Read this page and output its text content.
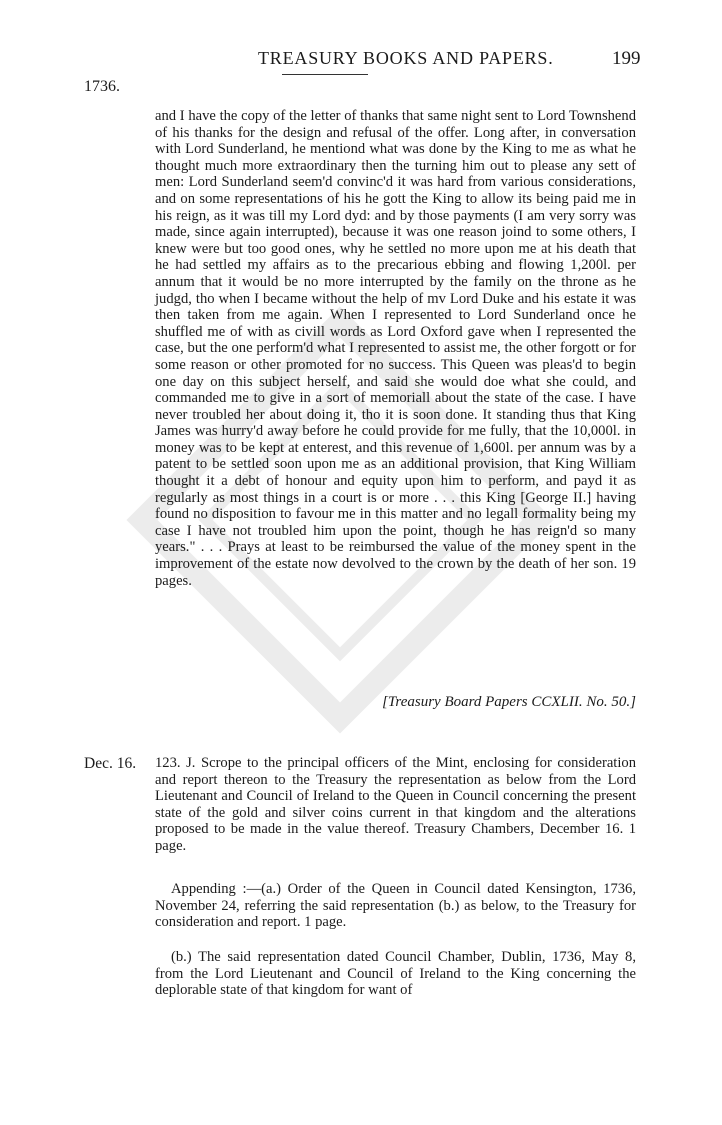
TREASURY BOOKS AND PAPERS.	199
1736.

and I have the copy of the letter of thanks that same night sent to Lord Townshend of his thanks for the design and refusal of the offer. Long after, in conversation with Lord Sunderland, he mentiond what was done by the King to me as what he thought much more extraordinary then the turning him out to please any sett of men: Lord Sunderland seem'd convinc'd it was hard from various considerations, and on some representations of his he gott the King to allow its being paid me in his reign, as it was till my Lord dyd: and by those payments (I am very sorry was made, since again interrupted), because it was one reason joind to some others, I knew were but too good ones, why he settled no more upon me at his death that he had settled my affairs as to the precarious ebbing and flowing 1,200l. per annum that it would be no more interrupted by the family on the throne as he judgd, tho when I became without the help of mv Lord Duke and his estate it was then taken from me again. When I represented to Lord Sunderland once he shuffled me of with as civill words as Lord Oxford gave when I represented the case, but the one perform'd what I represented to assist me, the other forgott or for some reason or other promoted for no success. This Queen was pleas'd to begin one day on this subject herself, and said she would doe what she could, and commanded me to give in a sort of memoriall about the state of the case. I have never troubled her about doing it, tho it is soon done. It standing thus that King James was hurry'd away before he could provide for me fully, that the 10,000l. in money was to be kept at enterest, and this revenue of 1,600l. per annum was by a patent to be settled soon upon me as an additional provision, that King William thought it a debt of honour and equity upon him to perform, and payd it as regularly as most things in a court is or more . . . this King [George II.] having found no disposition to favour me in this matter and no legall formality being my case I have not troubled him upon the point, though he has reign'd so many years." . . . Prays at least to be reimbursed the value of the money spent in the improvement of the estate now devolved to the crown by the death of her son. 19 pages.

[Treasury Board Papers CCXLII. No. 50.]
Dec. 16. 123. J. Scrope to the principal officers of the Mint, enclosing for consideration and report thereon to the Treasury the representation as below from the Lord Lieutenant and Council of Ireland to the Queen in Council concerning the present state of the gold and silver coins current in that kingdom and the alterations proposed to be made in the value thereof. Treasury Chambers, December 16. 1 page.

Appending :—(a.) Order of the Queen in Council dated Kensington, 1736, November 24, referring the said representation (b.) as below, to the Treasury for consideration and report. 1 page.

(b.) The said representation dated Council Chamber, Dublin, 1736, May 8, from the Lord Lieutenant and Council of Ireland to the King concerning the deplorable state of that kingdom for want of
